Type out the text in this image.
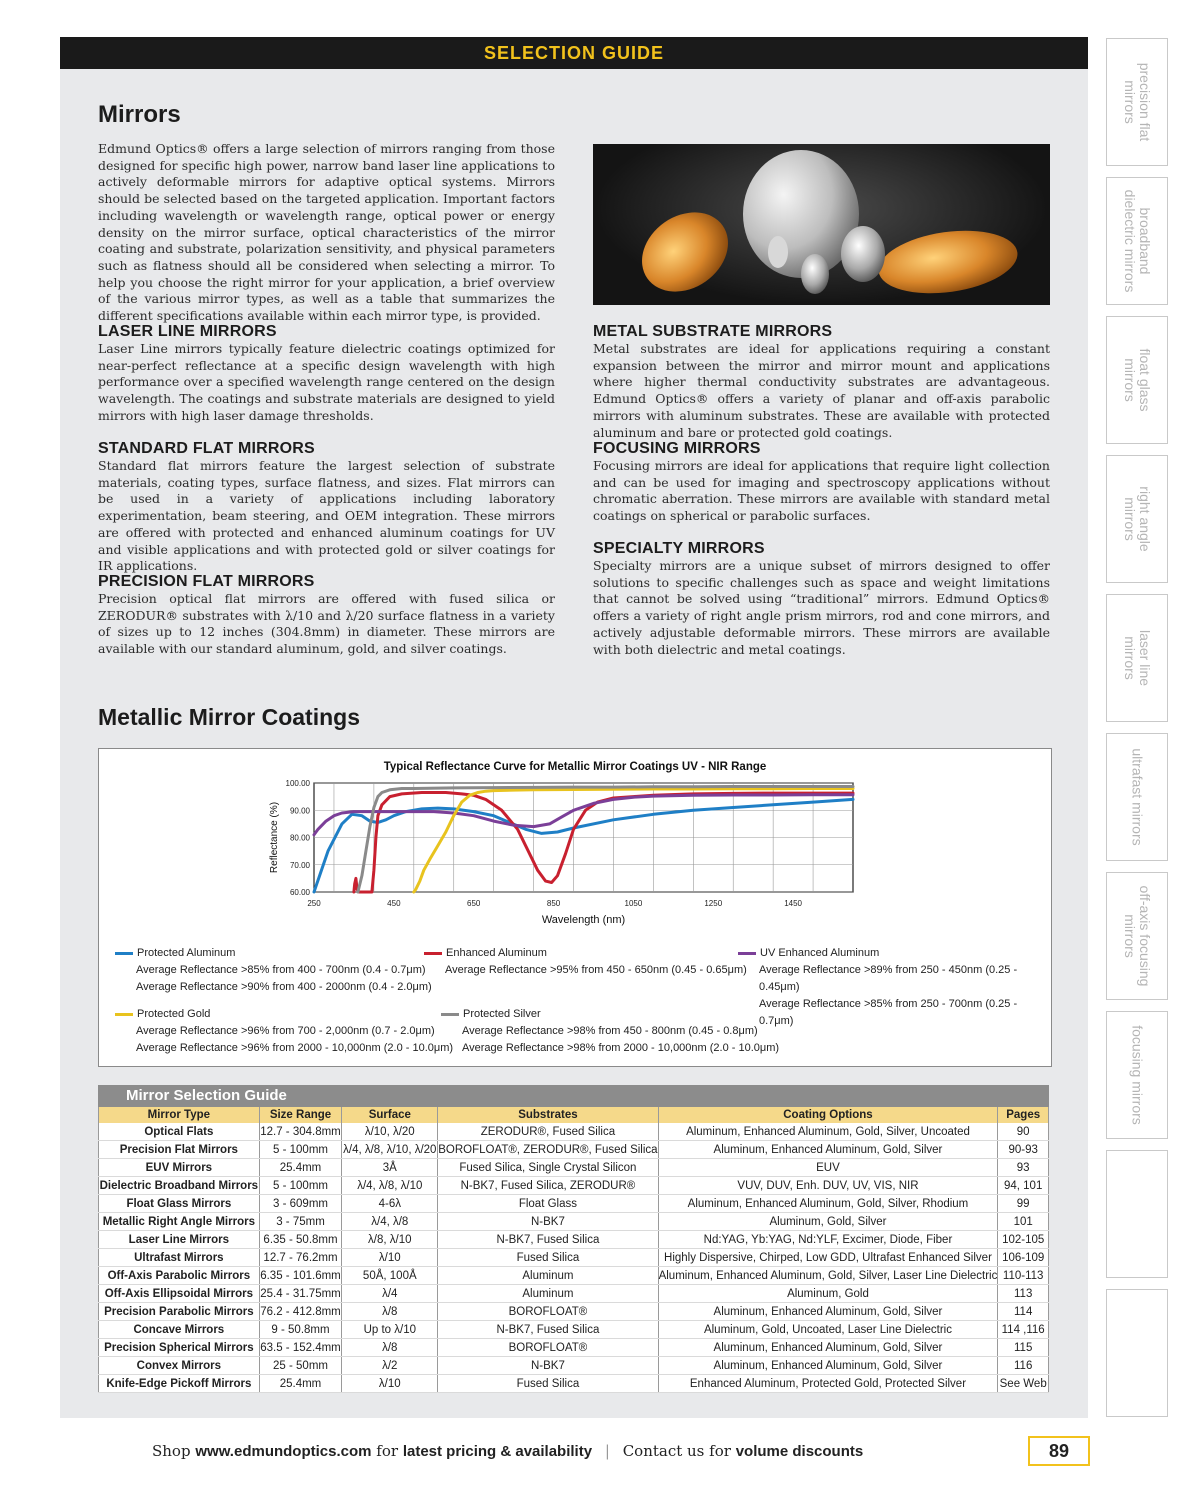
SELECTION GUIDE
Mirrors

Edmund Optics® offers a large selection of mirrors ranging from those designed for specific high power, narrow band laser line applications to actively deformable mirrors for adaptive optical systems. Mirrors should be selected based on the targeted application. Important factors including wavelength or wavelength range, optical power or energy density on the mirror surface, optical characteristics of the mirror coating and substrate, polarization sensitivity, and physical parameters such as flatness should all be considered when selecting a mirror. To help you choose the right mirror for your application, a brief overview of the various mirror types, as well as a table that summarizes the different specifications available within each mirror type, is provided.

LASER LINE MIRRORS

Laser Line mirrors typically feature dielectric coatings optimized for near-perfect reflectance at a specific design wavelength with high performance over a specified wavelength range centered on the design wavelength. The coatings and substrate materials are designed to yield mirrors with high laser damage thresholds.

STANDARD FLAT MIRRORS

Standard flat mirrors feature the largest selection of substrate materials, coating types, surface flatness, and sizes. Flat mirrors can be used in a variety of applications including laboratory experimentation, beam steering, and OEM integration. These mirrors are offered with protected and enhanced aluminum coatings for UV and visible applications and with protected gold or silver coatings for IR applications.

PRECISION FLAT MIRRORS

Precision optical flat mirrors are offered with fused silica or ZERODUR® substrates with λ/10 and λ/20 surface flatness in a variety of sizes up to 12 inches (304.8mm) in diameter. These mirrors are available with our standard aluminum, gold, and silver coatings.

METAL SUBSTRATE MIRRORS

Metal substrates are ideal for applications requiring a constant expansion between the mirror and mirror mount and applications where higher thermal conductivity substrates are advantageous. Edmund Optics® offers a variety of planar and off-axis parabolic mirrors with aluminum substrates. These are available with protected aluminum and bare or protected gold coatings.

FOCUSING MIRRORS

Focusing mirrors are ideal for applications that require light collection and can be used for imaging and spectroscopy applications without chromatic aberration. These mirrors are available with standard metal coatings on spherical or parabolic surfaces.

SPECIALTY MIRRORS

Specialty mirrors are a unique subset of mirrors designed to offer solutions to specific challenges such as space and weight limitations that cannot be solved using “traditional” mirrors. Edmund Optics® offers a variety of right angle prism mirrors, rod and cone mirrors, and actively adjustable deformable mirrors. These mirrors are available with both dielectric and metal coatings.

Metallic Mirror Coatings
60.00
70.00
80.00
90.00
100.00
250	450	650	850	1050	1250	1450
Typical Reflectance Curve for Metallic Mirror Coatings UV - NIR Range
Wavelength (nm)
Reflectance (%)
Protected Aluminum
Average Reflectance >85% from 400 - 700nm (0.4 - 0.7μm)
Average Reflectance >90% from 400 - 2000nm (0.4 - 2.0μm)
Enhanced Aluminum
Average Reflectance >95% from 450 - 650nm (0.45 - 0.65μm)
UV Enhanced Aluminum
Average Reflectance >89% from 250 - 450nm (0.25 - 0.45μm)
Average Reflectance >85% from 250 - 700nm (0.25 - 0.7μm)
Protected Gold
Average Reflectance >96% from 700 - 2,000nm (0.7 - 2.0μm)
Average Reflectance >96% from 2000 - 10,000nm (2.0 - 10.0μm)
Protected Silver
Average Reflectance >98% from 450 - 800nm (0.45 - 0.8μm)
Average Reflectance >98% from 2000 - 10,000nm (2.0 - 10.0μm)
Mirror Selection Guide
Mirror Type	Size Range	Surface	Substrates	Coating Options	Pages
Optical Flats	12.7 - 304.8mm	λ/10, λ/20	ZERODUR®, Fused Silica	Aluminum, Enhanced Aluminum, Gold, Silver, Uncoated	90
Precision Flat Mirrors	5 - 100mm	λ/4, λ/8, λ/10, λ/20	BOROFLOAT®, ZERODUR®, Fused Silica	Aluminum, Enhanced Aluminum, Gold, Silver	90-93
EUV Mirrors	25.4mm	3Å	Fused Silica, Single Crystal Silicon	EUV	93
Dielectric Broadband Mirrors	5 - 100mm	λ/4, λ/8, λ/10	N-BK7, Fused Silica, ZERODUR®	VUV, DUV, Enh. DUV, UV, VIS, NIR	94, 101
Float Glass Mirrors	3 - 609mm	4-6λ	Float Glass	Aluminum, Enhanced Aluminum, Gold, Silver, Rhodium	99
Metallic Right Angle Mirrors	3 - 75mm	λ/4, λ/8	N-BK7	Aluminum, Gold, Silver	101
Laser Line Mirrors	6.35 - 50.8mm	λ/8, λ/10	N-BK7, Fused Silica	Nd:YAG, Yb:YAG, Nd:YLF, Excimer, Diode, Fiber	102-105
Ultrafast Mirrors	12.7 - 76.2mm	λ/10	Fused Silica	Highly Dispersive, Chirped, Low GDD, Ultrafast Enhanced Silver	106-109
Off-Axis Parabolic Mirrors	6.35 - 101.6mm	50Å, 100Å	Aluminum	Aluminum, Enhanced Aluminum, Gold, Silver, Laser Line Dielectric	110-113
Off-Axis Ellipsoidal Mirrors	25.4 - 31.75mm	λ/4	Aluminum	Aluminum, Gold	113
Precision Parabolic Mirrors	76.2 - 412.8mm	λ/8	BOROFLOAT®	Aluminum, Enhanced Aluminum, Gold, Silver	114
Concave Mirrors	9 - 50.8mm	Up to λ/10	N-BK7, Fused Silica	Aluminum, Gold, Uncoated, Laser Line Dielectric	114 ,116
Precision Spherical Mirrors	63.5 - 152.4mm	λ/8	BOROFLOAT®	Aluminum, Enhanced Aluminum, Gold, Silver	115
Convex Mirrors	25 - 50mm	λ/2	N-BK7	Aluminum, Enhanced Aluminum, Gold, Silver	116
Knife-Edge Pickoff Mirrors	25.4mm	λ/10	Fused Silica	Enhanced Aluminum, Protected Gold, Protected Silver	See Web
precision flat
mirrors
broadband
dielectric mirrors
float glass
mirrors
right angle
mirrors
laser line
mirrors
ultrafast mirrors
off-axis focusing
mirrors
focusing mirrors
Shop www.edmundoptics.com for latest pricing & availability | Contact us for volume discounts	89
